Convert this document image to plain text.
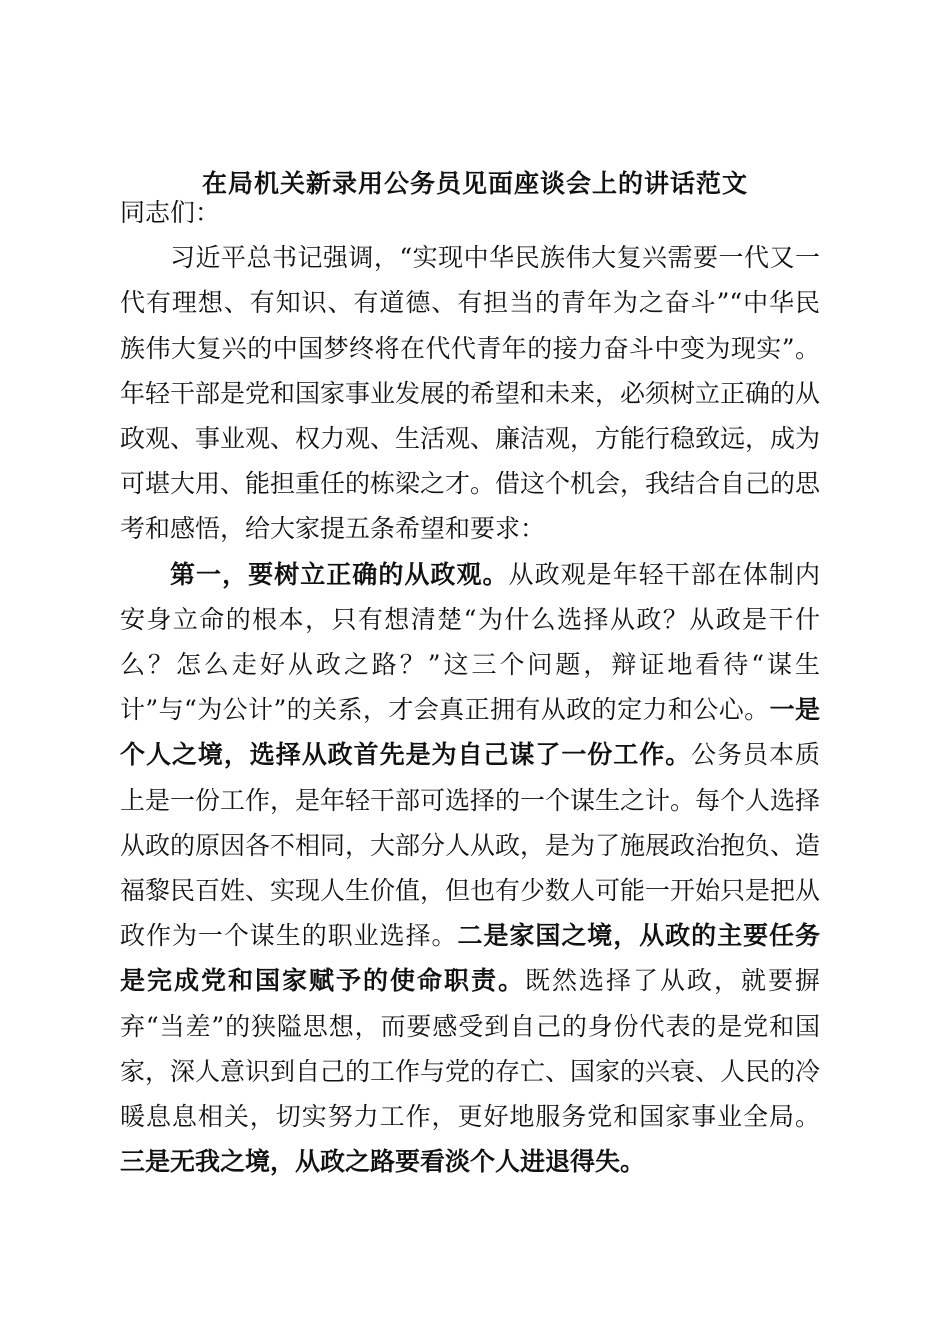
在局机关新录用公务员见面座谈会上的讲话范文

同志们：

习近平总书记强调，“实现中华民族伟大复兴需要一代又一代有理想、有知识、有道德、有担当的青年为之奋斗”“中华民族伟大复兴的中国梦终将在代代青年的接力奋斗中变为现实”。年轻干部是党和国家事业发展的希望和未来，必须树立正确的从政观、事业观、权力观、生活观、廉洁观，方能行稳致远，成为可堪大用、能担重任的栋梁之才。借这个机会，我结合自己的思考和感悟，给大家提五条希望和要求：

第一，要树立正确的从政观。从政观是年轻干部在体制内安身立命的根本，只有想清楚“为什么选择从政？从政是干什么？怎么走好从政之路？”这三个问题，辩证地看待“谋生计”与“为公计”的关系，才会真正拥有从政的定力和公心。一是个人之境，选择从政首先是为自己谋了一份工作。公务员本质上是一份工作，是年轻干部可选择的一个谋生之计。每个人选择从政的原因各不相同，大部分人从政，是为了施展政治抱负、造福黎民百姓、实现人生价值，但也有少数人可能一开始只是把从政作为一个谋生的职业选择。二是家国之境，从政的主要任务是完成党和国家赋予的使命职责。既然选择了从政，就要摒弃“当差”的狭隘思想，而要感受到自己的身份代表的是党和国家，深人意识到自己的工作与党的存亡、国家的兴衰、人民的冷暖息息相关，切实努力工作，更好地服务党和国家事业全局。三是无我之境，从政之路要看淡个人进退得失。
